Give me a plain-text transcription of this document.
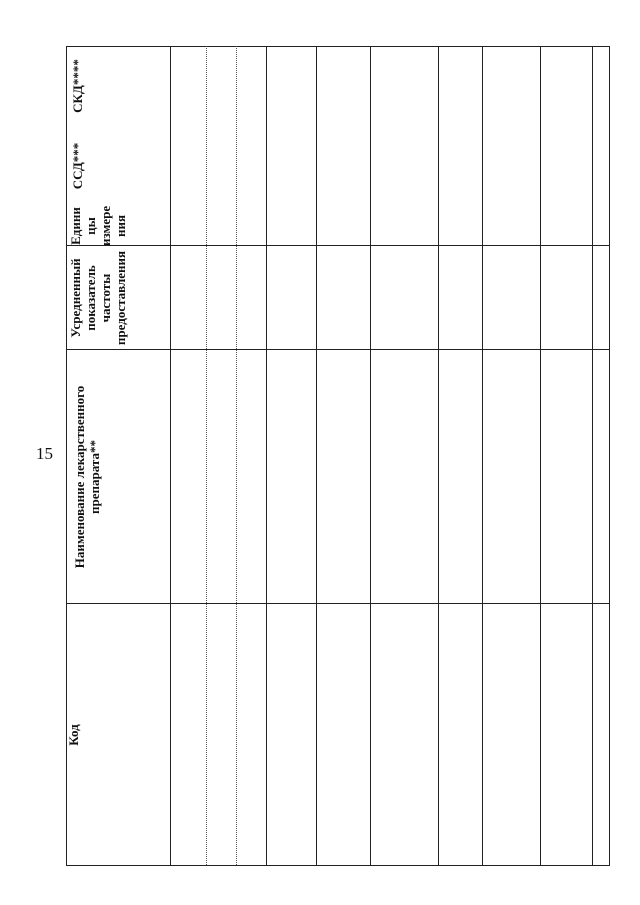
15
Код
Наименование лекарственного препарата**
Усредненный показатель частоты предоставления
Едини цы измере ния
ССД***
СКД****
